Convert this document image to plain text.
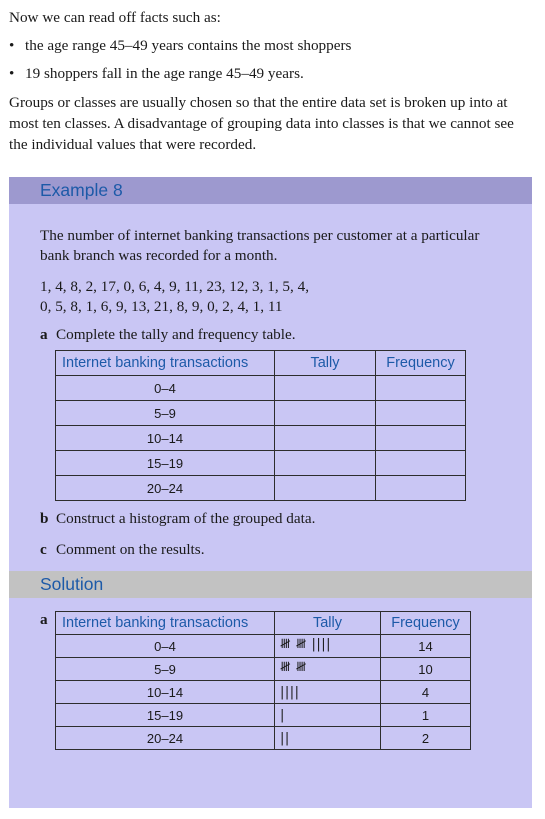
Now we can read off facts such as:

• the age range 45–49 years contains the most shoppers
• 19 shoppers fall in the age range 45–49 years.

Groups or classes are usually chosen so that the entire data set is broken up into at most ten classes. A disadvantage of grouping data into classes is that we cannot see the individual values that were recorded.

Example 8

The number of internet banking transactions per customer at a particular bank branch was recorded for a month.

1, 4, 8, 2, 17, 0, 6, 4, 9, 11, 23, 12, 3, 1, 5, 4,

0, 5, 8, 1, 6, 9, 13, 21, 8, 9, 0, 2, 4, 1, 11

a Complete the tally and frequency table.

Internet banking transactions	Tally	Frequency
0–4		
5–9		
10–14		
15–19		
20–24		

b Construct a histogram of the grouped data.

c Comment on the results.

Solution
a Internet banking transactions	Tally	Frequency
0–4	𝍸 𝍸 ||||	14
5–9	𝍸 𝍸	10
10–14	||||	4
15–19	|	1
20–24	||	2
